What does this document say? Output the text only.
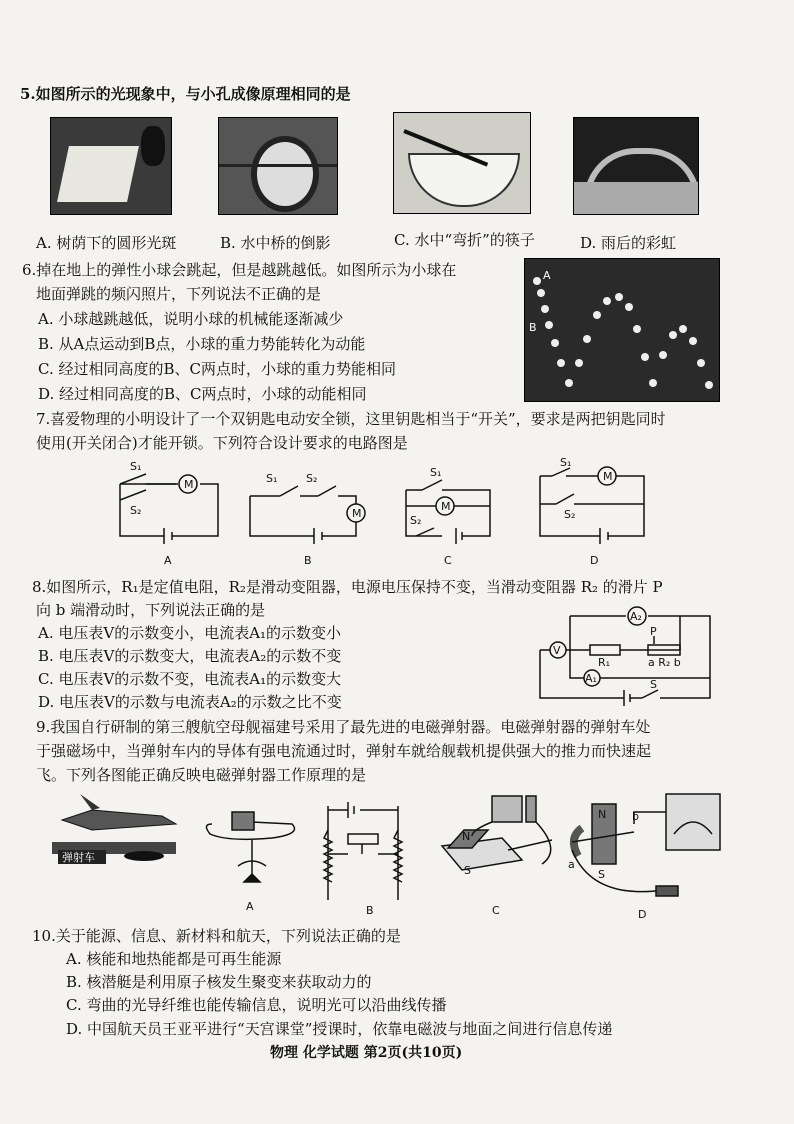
5.如图所示的光现象中，与小孔成像原理相同的是
A. 树荫下的圆形光斑	B. 水中桥的倒影	C. 水中“弯折”的筷子	D. 雨后的彩虹
6.掉在地上的弹性小球会跳起，但是越跳越低。如图所示为小球在
地面弹跳的频闪照片，下列说法不正确的是
A. 小球越跳越低，说明小球的机械能逐渐减少
B. 从A点运动到B点，小球的重力势能转化为动能
C. 经过相同高度的B、C两点时，小球的重力势能相同
D. 经过相同高度的B、C两点时，小球的动能相同
A
B
7.喜爱物理的小明设计了一个双钥匙电动安全锁，这里钥匙相当于“开关”，要求是两把钥匙同时
使用(开关闭合)才能开锁。下列符合设计要求的电路图是
S₁
S₂
M	S₁	S₂
M
S₁
M
S₂
S₁
M
S₂
A	B	C	D
8.如图所示，R₁是定值电阻，R₂是滑动变阻器，电源电压保持不变，当滑动变阻器 R₂ 的滑片 P
向 b 端滑动时，下列说法正确的是
A. 电压表V的示数变小，电流表A₁的示数变小
B. 电压表V的示数变大，电流表A₂的示数不变
C. 电压表V的示数不变，电流表A₁的示数变大
D. 电压表V的示数与电流表A₂的示数之比不变
A₂
V
R₁
P
a R₂ b
A₁	S
9.我国自行研制的第三艘航空母舰福建号采用了最先进的电磁弹射器。电磁弹射器的弹射车处
于强磁场中，当弹射车内的导体有强电流通过时，弹射车就给舰载机提供强大的推力而快速起
飞。下列各图能正确反映电磁弹射器工作原理的是
弹射车
N
S
N
S
a
b
A	B	C	D
10.关于能源、信息、新材料和航天，下列说法正确的是
A. 核能和地热能都是可再生能源
B. 核潜艇是利用原子核发生聚变来获取动力的
C. 弯曲的光导纤维也能传输信息，说明光可以沿曲线传播
D. 中国航天员王亚平进行“天宫课堂”授课时，依靠电磁波与地面之间进行信息传递
物理 化学试题 第2页(共10页)
